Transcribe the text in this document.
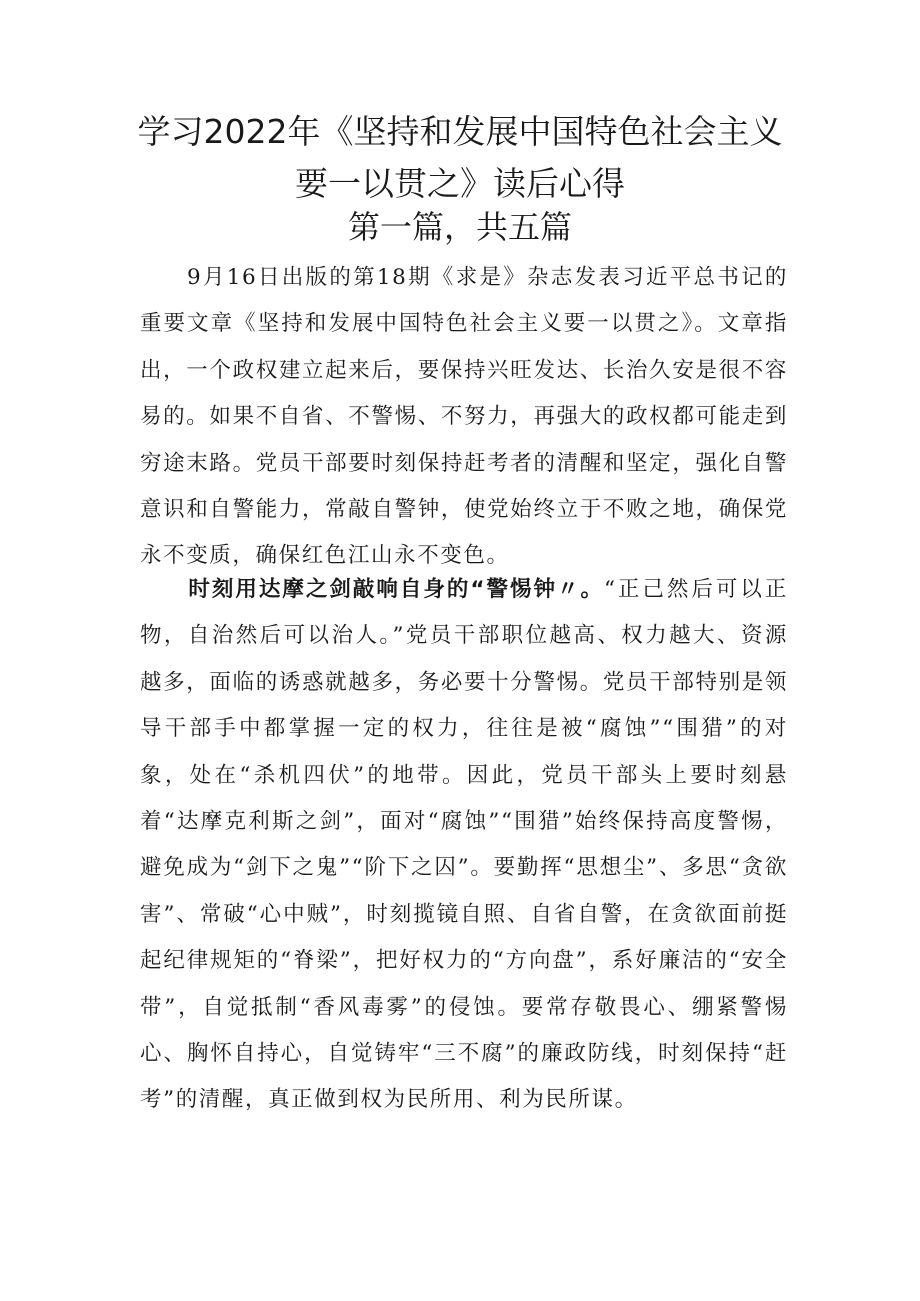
学习2022年《坚持和发展中国特色社会主义
要一以贯之》读后心得
第一篇，共五篇

9月16日出版的第18期《求是》杂志发表习近平总书记的重要文章《坚持和发展中国特色社会主义要一以贯之》。文章指出，一个政权建立起来后，要保持兴旺发达、长治久安是很不容易的。如果不自省、不警惕、不努力，再强大的政权都可能走到穷途末路。党员干部要时刻保持赶考者的清醒和坚定，强化自警意识和自警能力，常敲自警钟，使党始终立于不败之地，确保党永不变质，确保红色江山永不变色。

时刻用达摩之剑敲响自身的“警惕钟〃。“正己然后可以正物，自治然后可以治人。”党员干部职位越高、权力越大、资源越多，面临的诱惑就越多，务必要十分警惕。党员干部特别是领导干部手中都掌握一定的权力，往往是被“腐蚀”“围猎”的对象，处在“杀机四伏”的地带。因此，党员干部头上要时刻悬着“达摩克利斯之剑”，面对“腐蚀”“围猎”始终保持高度警惕，避免成为“剑下之鬼”“阶下之囚”。要勤挥“思想尘”、多思“贪欲害”、常破“心中贼”，时刻揽镜自照、自省自警，在贪欲面前挺起纪律规矩的“脊梁”，把好权力的“方向盘”，系好廉洁的“安全带”，自觉抵制“香风毒雾”的侵蚀。要常存敬畏心、绷紧警惕心、胸怀自持心，自觉铸牢“三不腐”的廉政防线，时刻保持“赶考”的清醒，真正做到权为民所用、利为民所谋。
